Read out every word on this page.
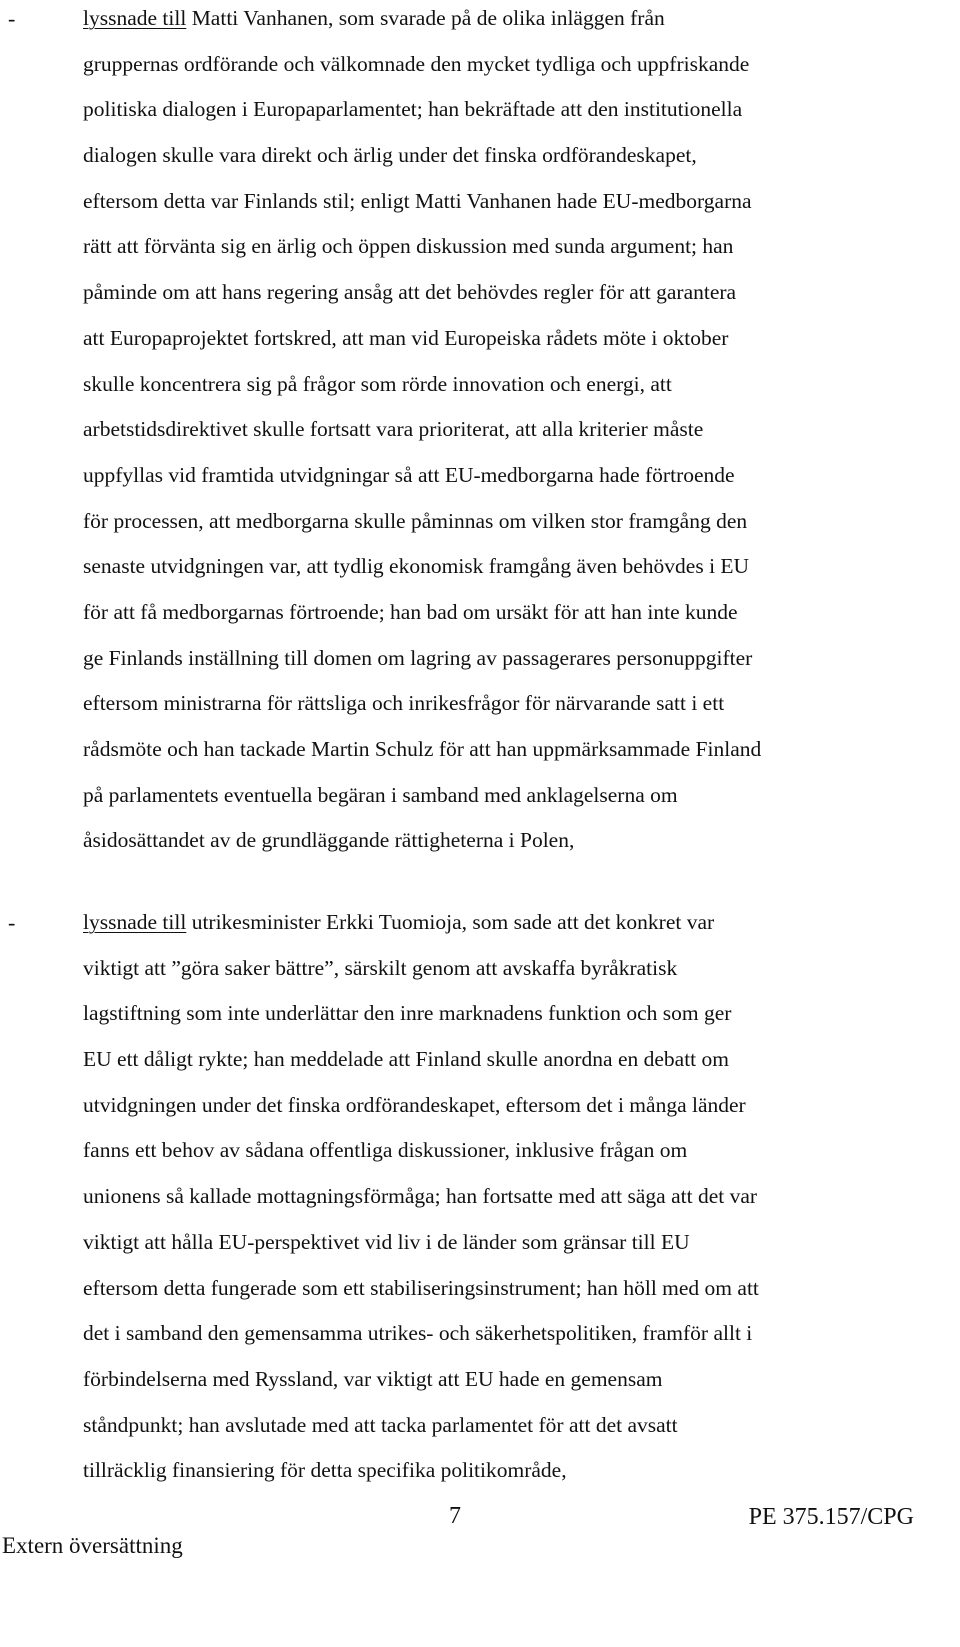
-	lyssnade till Matti Vanhanen, som svarade på de olika inläggen från
gruppernas ordförande och välkomnade den mycket tydliga och uppfriskande
politiska dialogen i Europaparlamentet; han bekräftade att den institutionella
dialogen skulle vara direkt och ärlig under det finska ordförandeskapet,
eftersom detta var Finlands stil; enligt Matti Vanhanen hade EU-medborgarna
rätt att förvänta sig en ärlig och öppen diskussion med sunda argument; han
påminde om att hans regering ansåg att det behövdes regler för att garantera
att Europaprojektet fortskred, att man vid Europeiska rådets möte i oktober
skulle koncentrera sig på frågor som rörde innovation och energi, att
arbetstidsdirektivet skulle fortsatt vara prioriterat, att alla kriterier måste
uppfyllas vid framtida utvidgningar så att EU-medborgarna hade förtroende
för processen, att medborgarna skulle påminnas om vilken stor framgång den
senaste utvidgningen var, att tydlig ekonomisk framgång även behövdes i EU
för att få medborgarnas förtroende; han bad om ursäkt för att han inte kunde
ge Finlands inställning till domen om lagring av passagerares personuppgifter
eftersom ministrarna för rättsliga och inrikesfrågor för närvarande satt i ett
rådsmöte och han tackade Martin Schulz för att han uppmärksammade Finland
på parlamentets eventuella begäran i samband med anklagelserna om
åsidosättandet av de grundläggande rättigheterna i Polen,
-	lyssnade till utrikesminister Erkki Tuomioja, som sade att det konkret var
viktigt att ”göra saker bättre”, särskilt genom att avskaffa byråkratisk
lagstiftning som inte underlättar den inre marknadens funktion och som ger
EU ett dåligt rykte; han meddelade att Finland skulle anordna en debatt om
utvidgningen under det finska ordförandeskapet, eftersom det i många länder
fanns ett behov av sådana offentliga diskussioner, inklusive frågan om
unionens så kallade mottagningsförmåga; han fortsatte med att säga att det var
viktigt att hålla EU-perspektivet vid liv i de länder som gränsar till EU
eftersom detta fungerade som ett stabiliseringsinstrument; han höll med om att
det i samband den gemensamma utrikes- och säkerhetspolitiken, framför allt i
förbindelserna med Ryssland, var viktigt att EU hade en gemensam
ståndpunkt; han avslutade med att tacka parlamentet för att det avsatt
tillräcklig finansiering för detta specifika politikområde,
7	PE 375.157/CPG
Extern översättning
